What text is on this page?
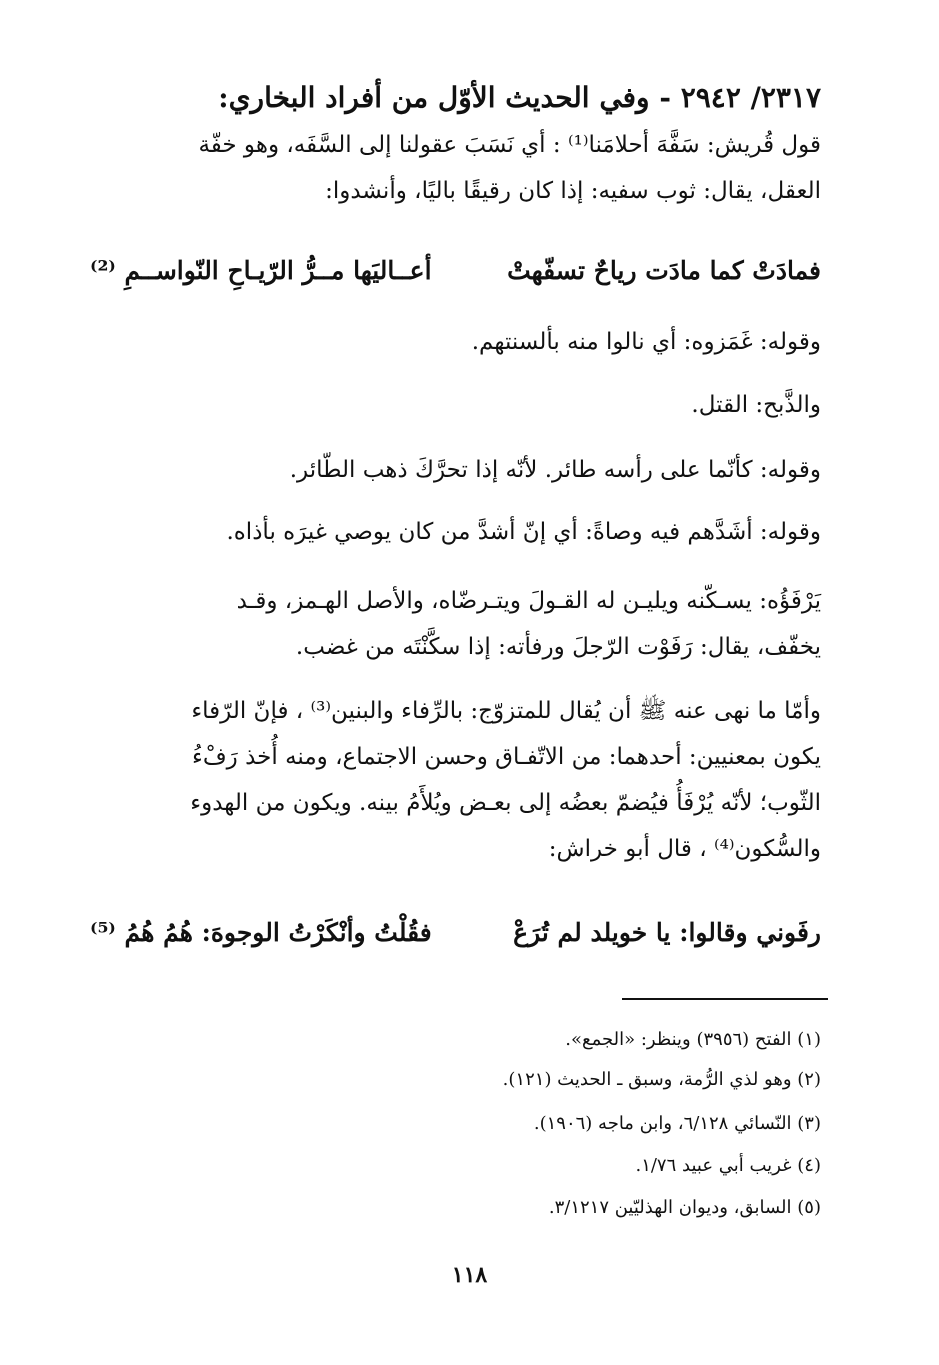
٢٣١٧/ ٢٩٤٢ - وفي الحديث الأوّل من أفراد البخاري:
قول قُريش: سَفَّهَ أحلامَنا⁽¹⁾ : أي نَسَبَ عقولنا إلى السَّفَه، وهو خفّة
العقل، يقال: ثوب سفيه: إذا كان رقيقًا باليًا، وأنشدوا:
فمادَتْ كما مادَت رياحٌ تسفّهتْ
أعــاليَها مــرُّ الرّيـاحِ النّواســمِ ⁽²⁾
وقوله: غَمَزوه: أي نالوا منه بألسنتهم.
والذَّبح: القتل.
وقوله: كأنّما على رأسه طائر. لأنّه إذا تحرَّكَ ذهب الطّائر.
وقوله: أشَدَّهم فيه وصاةً: أي إنّ أشدَّ من كان يوصي غيرَه بأذاه.
يَرْفَؤُه: يسـكّنه ويليـن له القـولَ ويتـرضّاه، والأصل الهـمز، وقـد
يخفّف، يقال: رَفَوْت الرّجلَ ورفأته: إذا سكَّنْتَه من غضب.
وأمّا ما نهى عنه ﷺ أن يُقال للمتزوّج: بالرِّفاء والبنين⁽³⁾ ، فإنّ الرّفاء
يكون بمعنيين: أحدهما: من الاتّفـاق وحسن الاجتماع، ومنه أُخذ رَفْءُ
الثّوب؛ لأنّه يُرْفَأُ فيُضمّ بعضُه إلى بعـض ويُلأَمُ بينه. ويكون من الهدوء
والسُّكون⁽⁴⁾ ، قال أبو خراش:
رفَوني وقالوا: يا خويلد لم تُرَعْ
فقُلْتُ وأنْكَرْتُ الوجوهَ: هُمُ هُمُ ⁽⁵⁾
(١) الفتح (٣٩٥٦) وينظر: «الجمع».
(٢) وهو لذي الرُّمة، وسبق ـ الحديث (١٢١).
(٣) النّسائي ٦/١٢٨، وابن ماجه (١٩٠٦).
(٤) غريب أبي عبيد ١/٧٦.
(٥) السابق، وديوان الهذليّين ٣/١٢١٧.
١١٨
